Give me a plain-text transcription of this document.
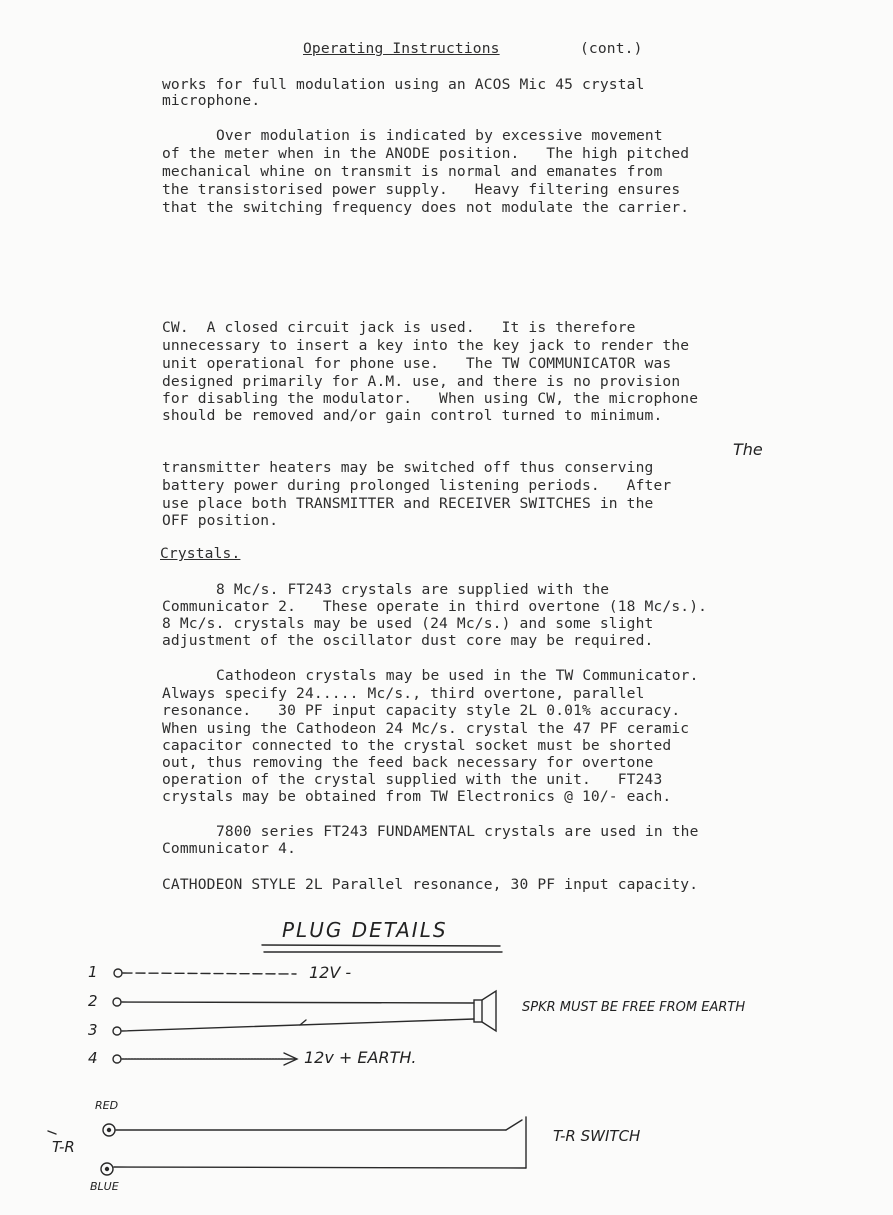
Operating Instructions	(cont.)
works for full modulation using an ACOS Mic 45 crystal
microphone.
Over modulation is indicated by excessive movement
of the meter when in the ANODE position.   The high pitched
mechanical whine on transmit is normal and emanates from
the transistorised power supply.   Heavy filtering ensures
that the switching frequency does not modulate the carrier.
CW.  A closed circuit jack is used.   It is therefore
unnecessary to insert a key into the key jack to render the
unit operational for phone use.   The TW COMMUNICATOR was
designed primarily for A.M. use, and there is no provision
for disabling the modulator.   When using CW, the microphone
should be removed and/or gain control turned to minimum.
The
transmitter heaters may be switched off thus conserving
battery power during prolonged listening periods.   After
use place both TRANSMITTER and RECEIVER SWITCHES in the
OFF position.
Crystals.
8 Mc/s. FT243 crystals are supplied with the
Communicator 2.   These operate in third overtone (18 Mc/s.).
8 Mc/s. crystals may be used (24 Mc/s.) and some slight
adjustment of the oscillator dust core may be required.
Cathodeon crystals may be used in the TW Communicator.
Always specify 24..... Mc/s., third overtone, parallel
resonance.   30 PF input capacity style 2L 0.01% accuracy.
When using the Cathodeon 24 Mc/s. crystal the 47 PF ceramic
capacitor connected to the crystal socket must be shorted
out, thus removing the feed back necessary for overtone
operation of the crystal supplied with the unit.   FT243
crystals may be obtained from TW Electronics @ 10/- each.
7800 series FT243 FUNDAMENTAL crystals are used in the
Communicator 4.
CATHODEON STYLE 2L Parallel resonance, 30 PF input capacity.
PLUG DETAILS
1
2
3
4
12V -
SPKR MUST BE FREE FROM EARTH
12v + EARTH.
RED
BLUE
T-R
T-R SWITCH
